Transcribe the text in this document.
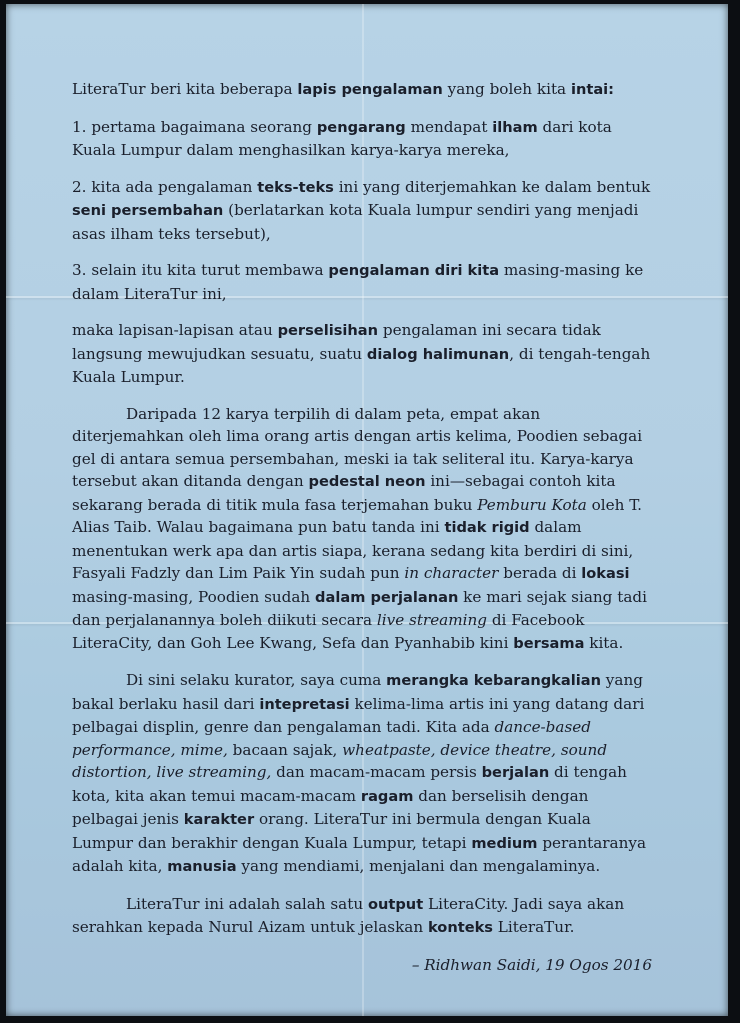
LiteraTur beri kita beberapa lapis pengalaman yang boleh kita intai:

1. pertama bagaimana seorang pengarang mendapat ilham dari kota Kuala Lumpur dalam menghasilkan karya-karya mereka,

2. kita ada pengalaman teks-teks ini yang diterjemahkan ke dalam bentuk seni persembahan (berlatarkan kota Kuala lumpur sendiri yang menjadi asas ilham teks tersebut),

3. selain itu kita turut membawa pengalaman diri kita masing-masing ke dalam LiteraTur ini,

maka lapisan-lapisan atau perselisihan pengalaman ini secara tidak langsung mewujudkan sesuatu, suatu dialog halimunan, di tengah-tengah Kuala Lumpur.

Daripada 12 karya terpilih di dalam peta, empat akan diterjemahkan oleh lima orang artis dengan artis kelima, Poodien sebagai gel di antara semua persembahan, meski ia tak seliteral itu. Karya-karya tersebut akan ditanda dengan pedestal neon ini—sebagai contoh kita sekarang berada di titik mula fasa terjemahan buku Pemburu Kota oleh T. Alias Taib. Walau bagaimana pun batu tanda ini tidak rigid dalam menentukan werk apa dan artis siapa, kerana sedang kita berdiri di sini, Fasyali Fadzly dan Lim Paik Yin sudah pun in character berada di lokasi masing-masing, Poodien sudah dalam perjalanan ke mari sejak siang tadi dan perjalanannya boleh diikuti secara live streaming di Facebook LiteraCity, dan Goh Lee Kwang, Sefa dan Pyanhabib kini bersama kita.

Di sini selaku kurator, saya cuma merangka kebarangkalian yang bakal berlaku hasil dari intepretasi kelima-lima artis ini yang datang dari pelbagai displin, genre dan pengalaman tadi. Kita ada dance-based performance, mime, bacaan sajak, wheatpaste, device theatre, sound distortion, live streaming, dan macam-macam persis berjalan di tengah kota, kita akan temui macam-macam ragam dan berselisih dengan pelbagai jenis karakter orang. LiteraTur ini bermula dengan Kuala Lumpur dan berakhir dengan Kuala Lumpur, tetapi medium perantaranya adalah kita, manusia yang mendiami, menjalani dan mengalaminya.

LiteraTur ini adalah salah satu output LiteraCity. Jadi saya akan serahkan kepada Nurul Aizam untuk jelaskan konteks LiteraTur.

– Ridhwan Saidi, 19 Ogos 2016
